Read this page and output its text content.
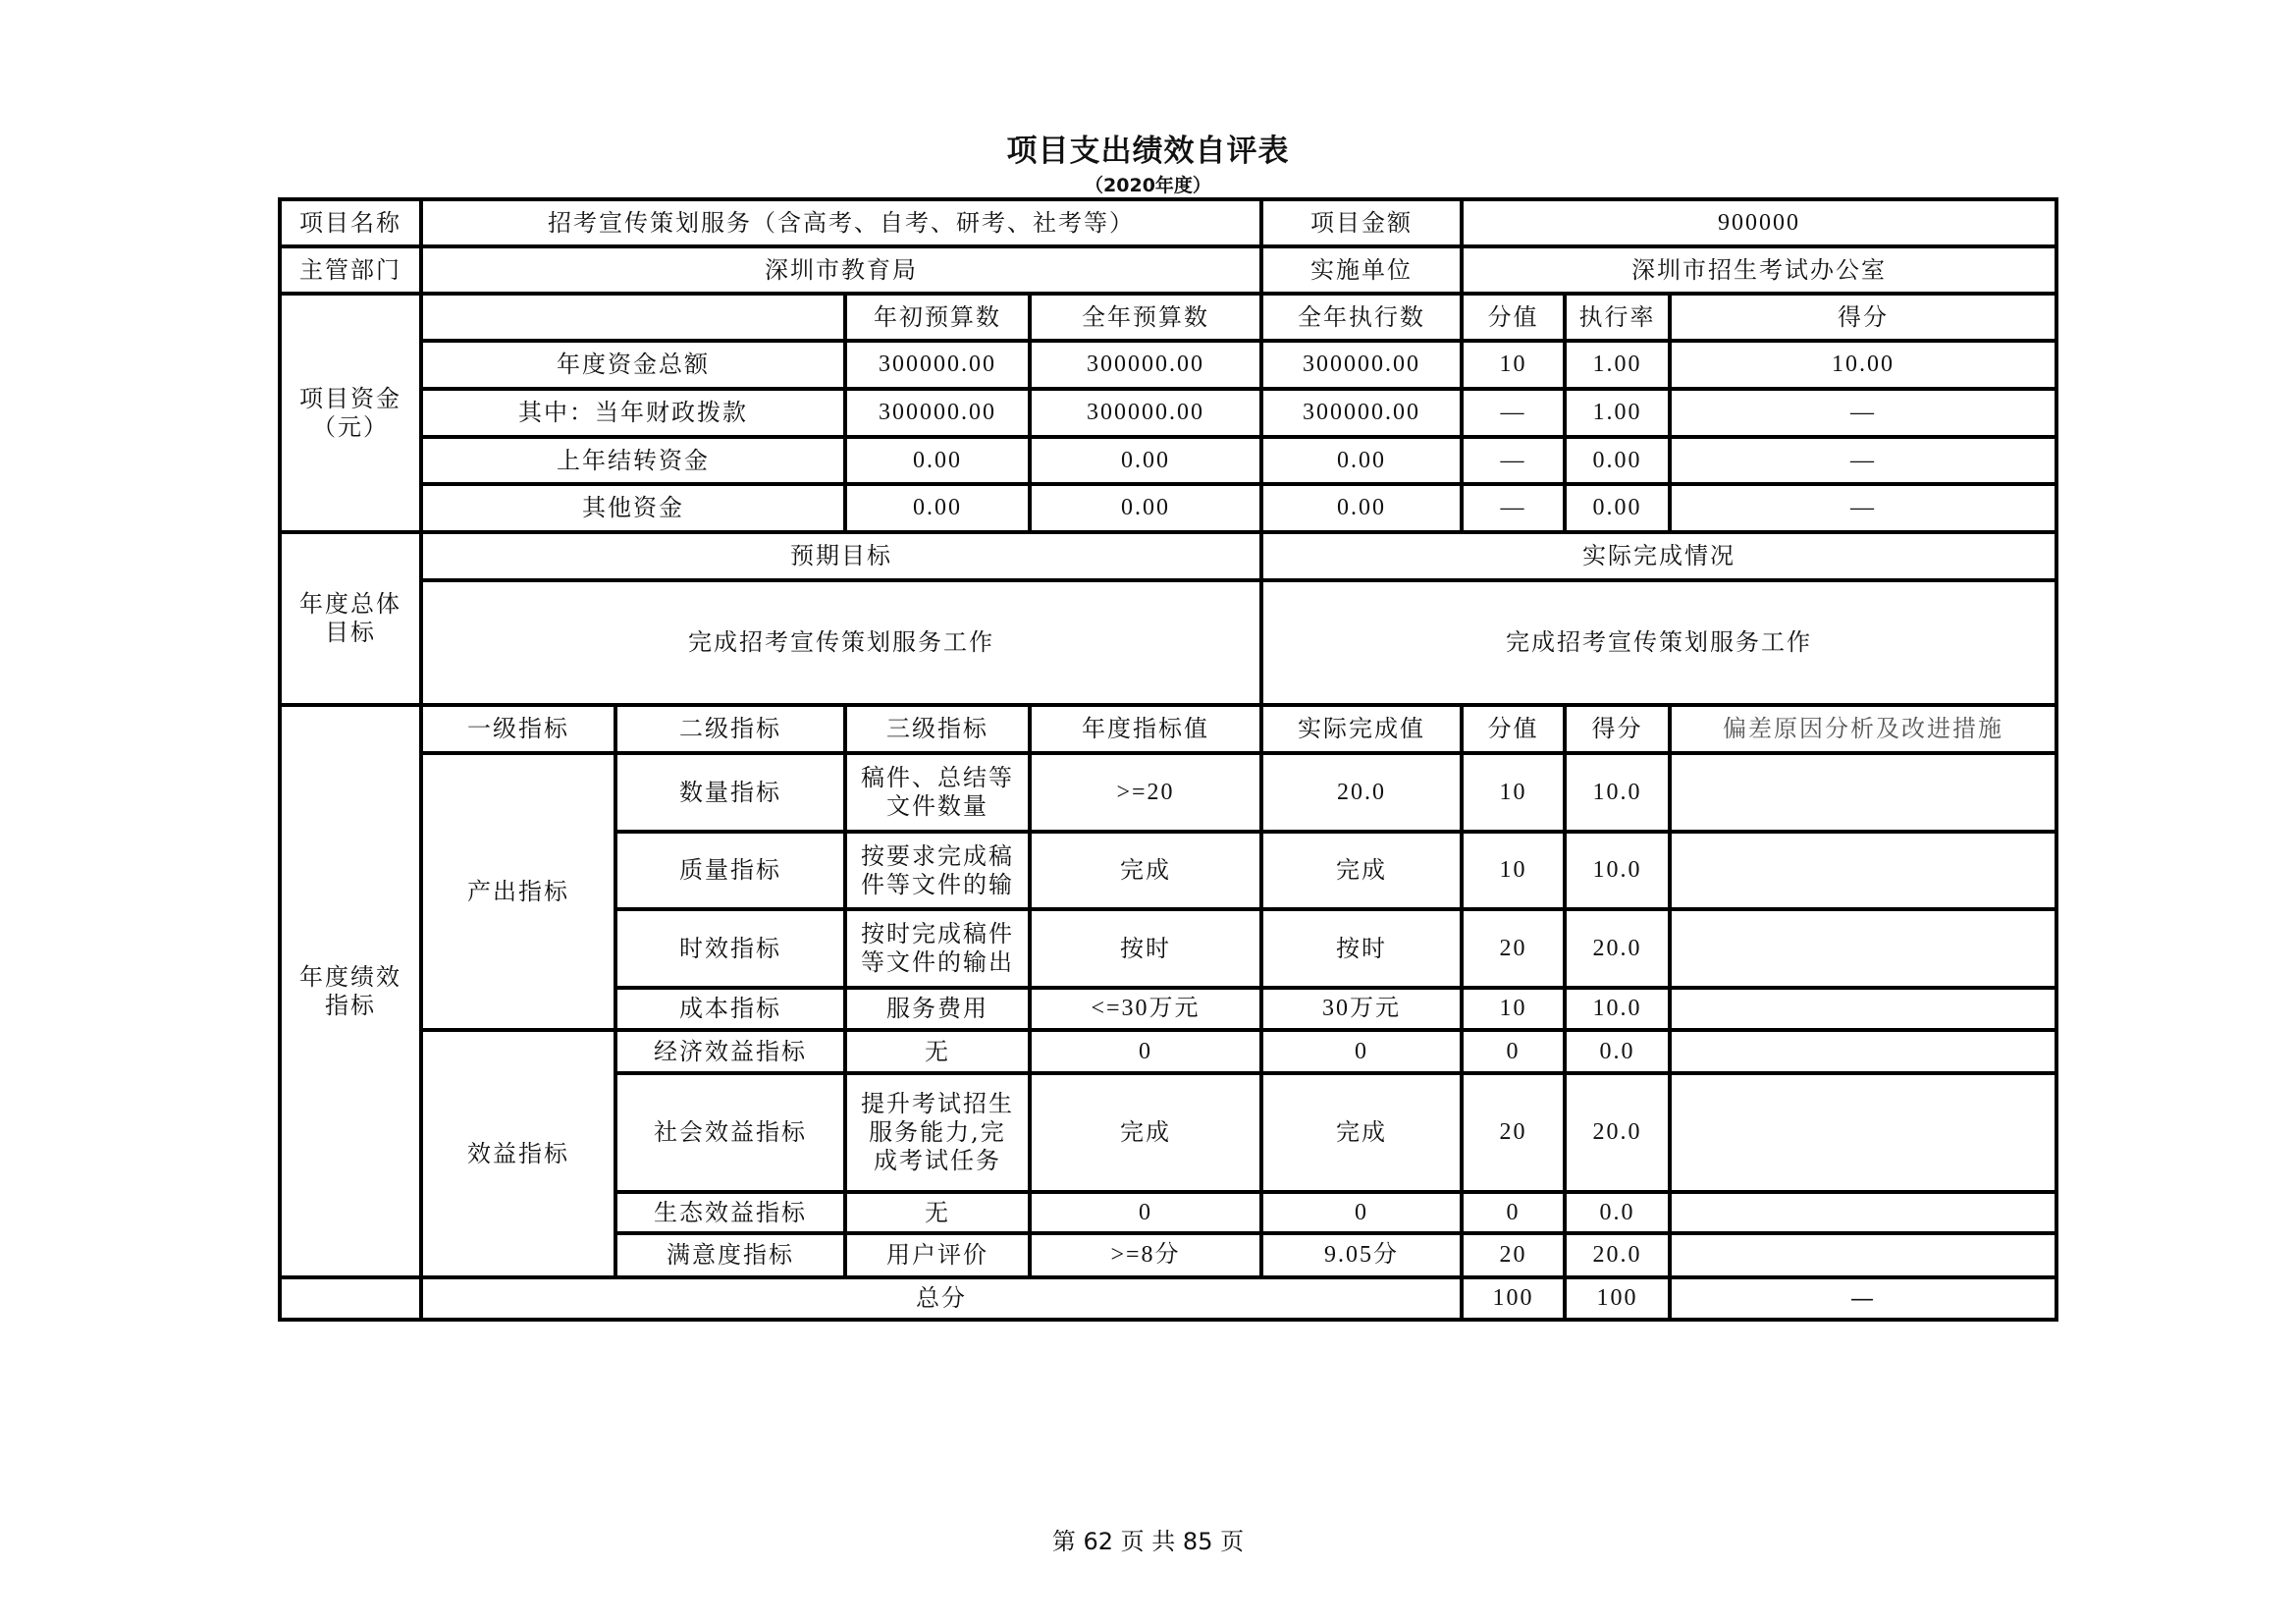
项目支出绩效自评表
（2020年度）
项目名称	招考宣传策划服务（含高考、自考、研考、社考等）				项目金额	900000		
主管部门	深圳市教育局				实施单位	深圳市招生考试办公室		
项目资金
（元）			年初预算数	全年预算数	全年执行数	分值	执行率	得分
	年度资金总额		300000.00	300000.00	300000.00	10	1.00	10.00
	其中：当年财政拨款		300000.00	300000.00	300000.00	—	1.00	—
	上年结转资金		0.00	0.00	0.00	—	0.00	—
	其他资金		0.00	0.00	0.00	—	0.00	—
年度总体目标	预期目标				实际完成情况			
	完成招考宣传策划服务工作				完成招考宣传策划服务工作			
年度绩效指标	一级指标	二级指标	三级指标	年度指标值	实际完成值	分值	得分	偏差原因分析及改进措施
	产出指标	数量指标	稿件、总结等文件数量	>=20	20.0	10	10.0	
		质量指标	按要求完成稿件等文件的输	完成	完成	10	10.0	
		时效指标	按时完成稿件等文件的输出	按时	按时	20	20.0	
		成本指标	服务费用	<=30万元	30万元	10	10.0	
	效益指标	经济效益指标	无	0	0	0	0.0	
		社会效益指标	提升考试招生服务能力,完成考试任务	完成	完成	20	20.0	
		生态效益指标	无	0	0	0	0.0	
		满意度指标	用户评价	>=8分	9.05分	20	20.0	
	总分					100	100	—
第 62 页 共 85 页
